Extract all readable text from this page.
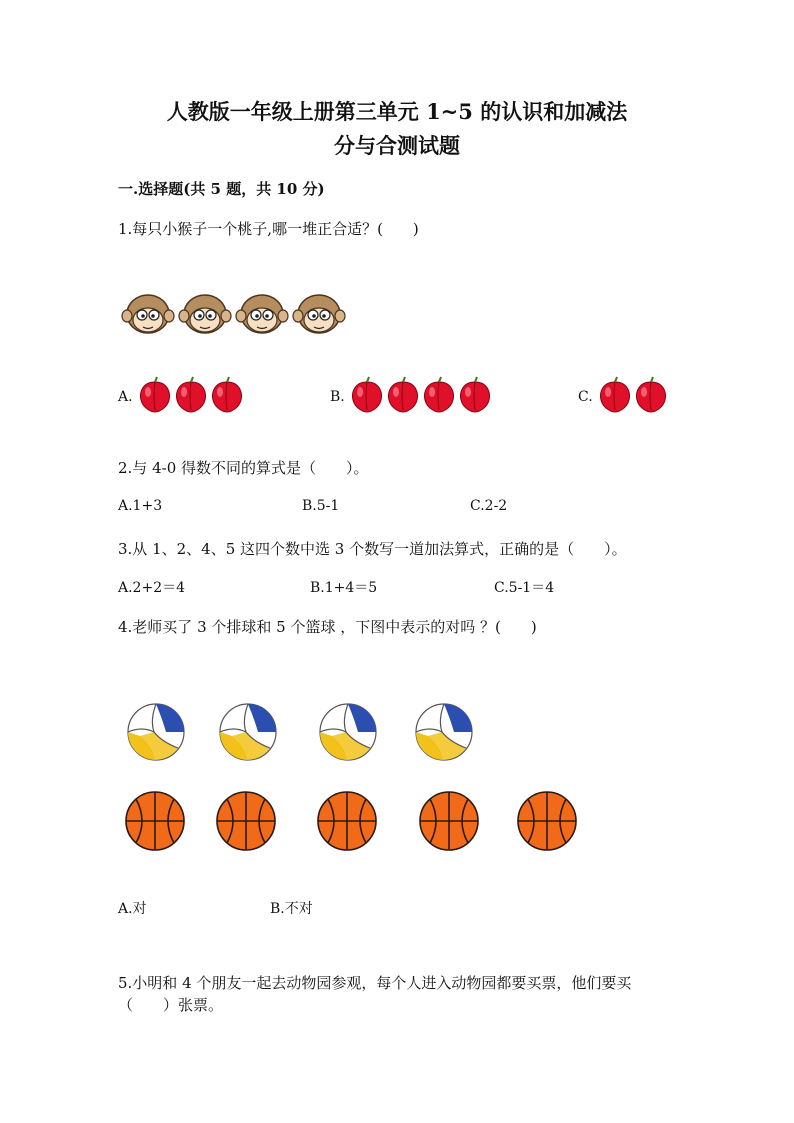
人教版一年级上册第三单元 1~5 的认识和加减法
分与合测试题
一.选择题(共 5 题，共 10 分)
1.每只小猴子一个桃子,哪一堆正合适？(　　)
A.	B.	C.
2.与 4-0 得数不同的算式是（　　）。
A.1+3	B.5-1	C.2-2
3.从 1、2、4、5 这四个数中选 3 个数写一道加法算式，正确的是（　　）。
A.2+2＝4	B.1+4＝5	C.5-1＝4
4.老师买了 3 个排球和 5 个篮球 ，下图中表示的对吗 ？(　　)
A.对	B.不对
5.小明和 4 个朋友一起去动物园参观，每个人进入动物园都要买票，他们要买
（　　）张票。
